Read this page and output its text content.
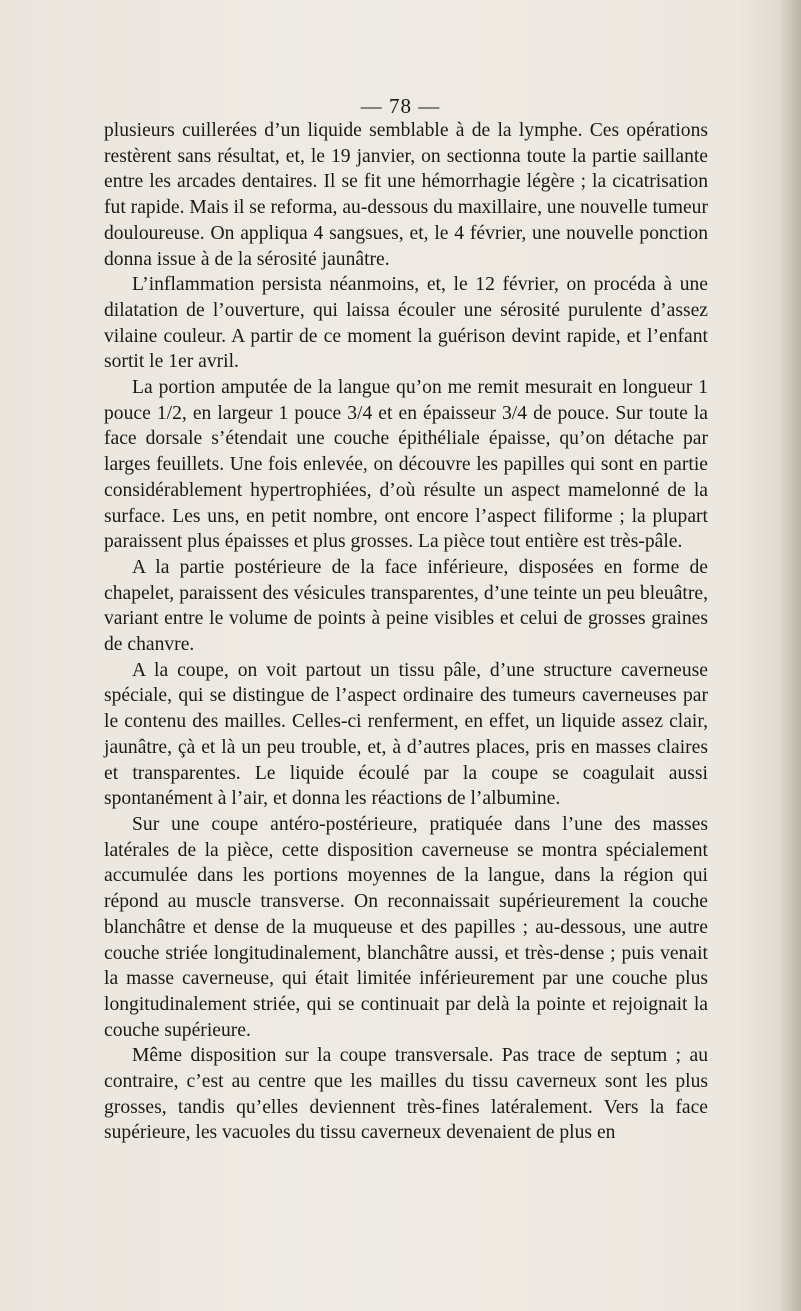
— 78 —

plusieurs cuillerées d’un liquide semblable à de la lymphe. Ces opérations restèrent sans résultat, et, le 19 janvier, on sectionna toute la partie saillante entre les arcades dentaires. Il se fit une hémorrhagie légère ; la cicatrisation fut rapide. Mais il se reforma, au-dessous du maxillaire, une nouvelle tumeur douloureuse. On appliqua 4 sangsues, et, le 4 février, une nouvelle ponction donna issue à de la sérosité jaunâtre.

L’inflammation persista néanmoins, et, le 12 février, on procéda à une dilatation de l’ouverture, qui laissa écouler une sérosité purulente d’assez vilaine couleur. A partir de ce moment la guérison devint rapide, et l’enfant sortit le 1er avril.

La portion amputée de la langue qu’on me remit mesurait en longueur 1 pouce 1/2, en largeur 1 pouce 3/4 et en épaisseur 3/4 de pouce. Sur toute la face dorsale s’étendait une couche épithéliale épaisse, qu’on détache par larges feuillets. Une fois enlevée, on découvre les papilles qui sont en partie considérablement hypertrophiées, d’où résulte un aspect mamelonné de la surface. Les uns, en petit nombre, ont encore l’aspect filiforme ; la plupart paraissent plus épaisses et plus grosses. La pièce tout entière est très-pâle.

A la partie postérieure de la face inférieure, disposées en forme de chapelet, paraissent des vésicules transparentes, d’une teinte un peu bleuâtre, variant entre le volume de points à peine visibles et celui de grosses graines de chanvre.

A la coupe, on voit partout un tissu pâle, d’une structure caverneuse spéciale, qui se distingue de l’aspect ordinaire des tumeurs caverneuses par le contenu des mailles. Celles-ci renferment, en effet, un liquide assez clair, jaunâtre, çà et là un peu trouble, et, à d’autres places, pris en masses claires et transparentes. Le liquide écoulé par la coupe se coagulait aussi spontanément à l’air, et donna les réactions de l’albumine.

Sur une coupe antéro-postérieure, pratiquée dans l’une des masses latérales de la pièce, cette disposition caverneuse se montra spécialement accumulée dans les portions moyennes de la langue, dans la région qui répond au muscle transverse. On reconnaissait supérieurement la couche blanchâtre et dense de la muqueuse et des papilles ; au-dessous, une autre couche striée longitudinalement, blanchâtre aussi, et très-dense ; puis venait la masse caverneuse, qui était limitée inférieurement par une couche plus longitudinalement striée, qui se continuait par delà la pointe et rejoignait la couche supérieure.

Même disposition sur la coupe transversale. Pas trace de septum ; au contraire, c’est au centre que les mailles du tissu caverneux sont les plus grosses, tandis qu’elles deviennent très-fines latéralement. Vers la face supérieure, les vacuoles du tissu caverneux devenaient de plus en
